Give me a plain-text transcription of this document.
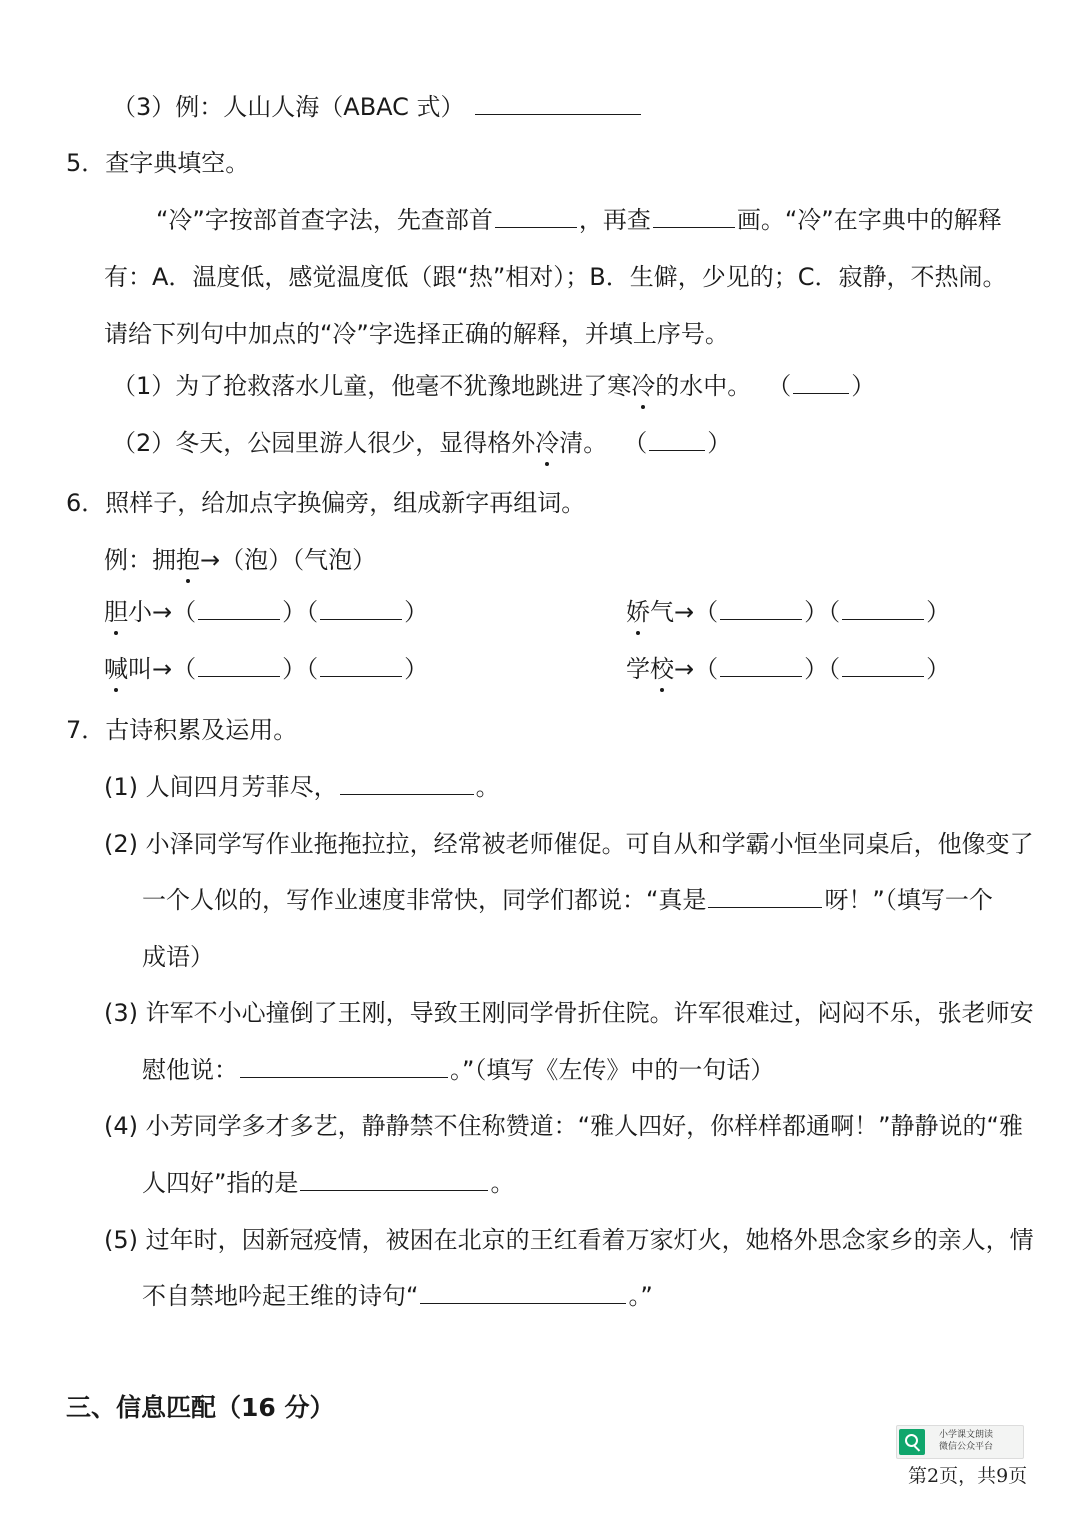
（3）例：人山人海（ABAC 式）
5．查字典填空。
“冷”字按部首查字法，先查部首	，再查	画。“冷”在字典中的解释
有：A．温度低，感觉温度低（跟“热”相对）；B．生僻，少见的；C．寂静，不热闹。
请给下列句中加点的“冷”字选择正确的解释，并填上序号。
（1）为了抢救落水儿童，他毫不犹豫地跳进了寒冷的水中。 （	）
（2）冬天，公园里游人很少，显得格外冷清。 （	）
6．照样子，给加点字换偏旁，组成新字再组词。
例：拥抱→（泡）（气泡）
胆小→（	）（	）	娇气→（	）（	）
喊叫→（	）（	）	学校→（	）（	）
7．古诗积累及运用。
(1) 人间四月芳菲尽，	。
(2) 小泽同学写作业拖拖拉拉，经常被老师催促。可自从和学霸小恒坐同桌后，他像变了
一个人似的，写作业速度非常快，同学们都说：“真是	呀！”（填写一个
成语）
(3) 许军不小心撞倒了王刚，导致王刚同学骨折住院。许军很难过，闷闷不乐，张老师安
慰他说：	。”（填写《左传》中的一句话）
(4) 小芳同学多才多艺，静静禁不住称赞道：“雅人四好，你样样都通啊！”静静说的“雅
人四好”指的是	。
(5) 过年时，因新冠疫情，被困在北京的王红看着万家灯火，她格外思念家乡的亲人，情
不自禁地吟起王维的诗句“	。”
三、信息匹配（16 分）
小学课文朗读
微信公众平台
第2页，共9页
